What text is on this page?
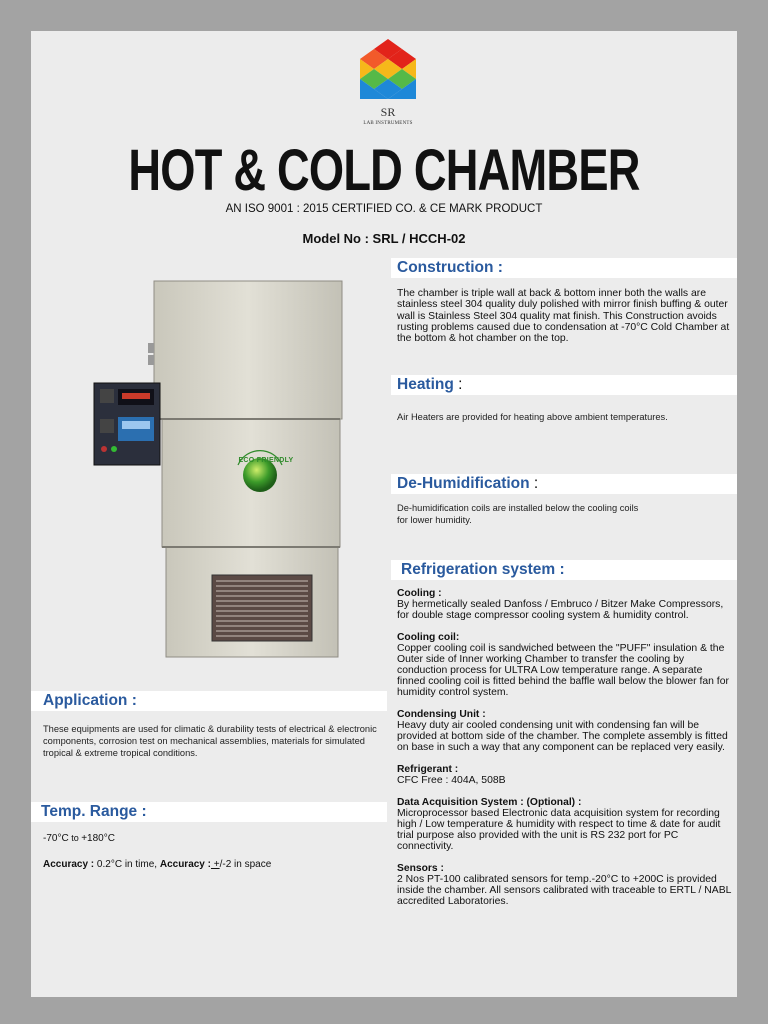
SR
LAB INSTRUMENTS
HOT & COLD CHAMBER
AN ISO 9001 : 2015 CERTIFIED CO. & CE MARK PRODUCT
Model No : SRL / HCCH-02
ECO FRIENDLY
Construction :
The chamber is triple wall at back & bottom inner both the walls are stainless steel 304 quality duly polished with mirror finish buffing & outer wall is Stainless Steel 304 quality mat finish. This Construction avoids rusting problems caused due to condensation at -70°C Cold Chamber at the bottom & hot chamber on the top.
Heating :
Air Heaters are provided for heating above ambient temperatures.
De-Humidification :
De-humidification coils are installed below the cooling coils
for lower humidity.
Refrigeration system :
Cooling :
By hermetically sealed Danfoss / Embruco / Bitzer Make Compressors, for double stage compressor cooling system & humidity control.
Cooling coil:
Copper cooling coil is sandwiched between the "PUFF" insulation & the Outer side of Inner working Chamber to transfer the cooling by conduction process for ULTRA Low temperature range. A separate finned cooling coil is fitted behind the baffle wall below the blower fan for humidity control system.
Condensing Unit :
Heavy duty air cooled condensing unit with condensing fan will be provided at bottom side of the chamber. The complete assembly is fitted on base in such a way that any component can be replaced very easily.
Refrigerant :
CFC Free : 404A, 508B
Data Acquisition System : (Optional) :
Microprocessor based Electronic data acquisition system for recording high / Low temperature & humidity with respect to time & date for audit trial purpose also provided with the unit is RS 232 port for PC connectivity.
Sensors :
2 Nos PT-100 calibrated sensors for temp.-20°C to +200C is provided inside the chamber. All sensors calibrated with traceable to ERTL / NABL accredited Laboratories.
Application :
These equipments are used for climatic & durability tests of electrical & electronic components, corrosion test on mechanical assemblies, materials for simulated tropical & extreme tropical conditions.
Temp. Range :
-70°C to +180°C
Accuracy : 0.2°C in time, Accuracy : +/-2 in space
